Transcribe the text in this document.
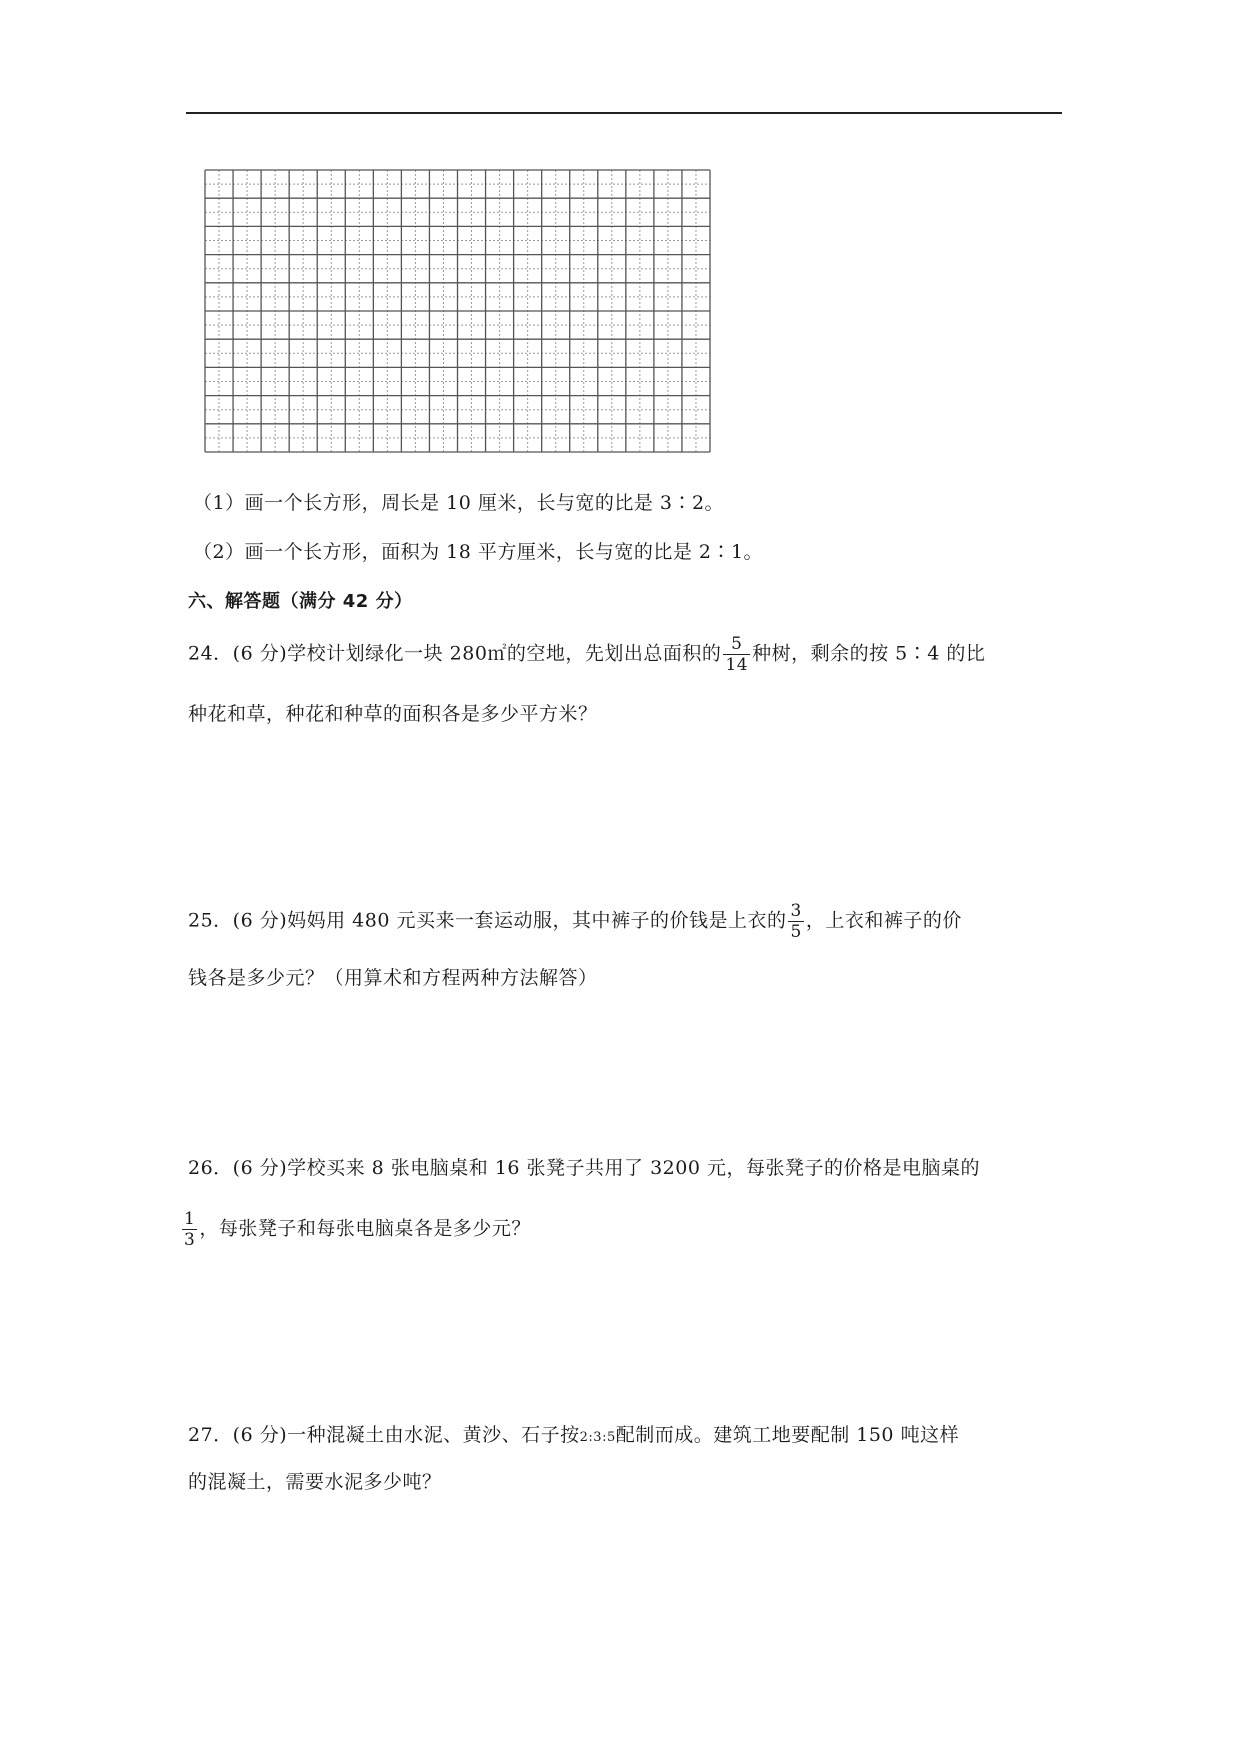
（1）画一个长方形，周长是 10 厘米，长与宽的比是 3∶2。
（2）画一个长方形，面积为 18 平方厘米，长与宽的比是 2∶1。
六、解答题（满分 42 分）
24．(6 分)学校计划绿化一块 280㎡的空地，先划出总面积的 $\frac{5}{14}$ 种树，剩余的按 5∶4 的比
种花和草，种花和种草的面积各是多少平方米？
25．(6 分)妈妈用 480 元买来一套运动服，其中裤子的价钱是上衣的 $\frac{3}{5}$ ，上衣和裤子的价
钱各是多少元？（用算术和方程两种方法解答）
26．(6 分)学校买来 8 张电脑桌和 16 张凳子共用了 3200 元，每张凳子的价格是电脑桌的
$\frac{1}{3}$ ，每张凳子和每张电脑桌各是多少元？
27．(6 分)一种混凝土由水泥、黄沙、石子按2:3:5配制而成。建筑工地要配制 150 吨这样
的混凝土，需要水泥多少吨？
